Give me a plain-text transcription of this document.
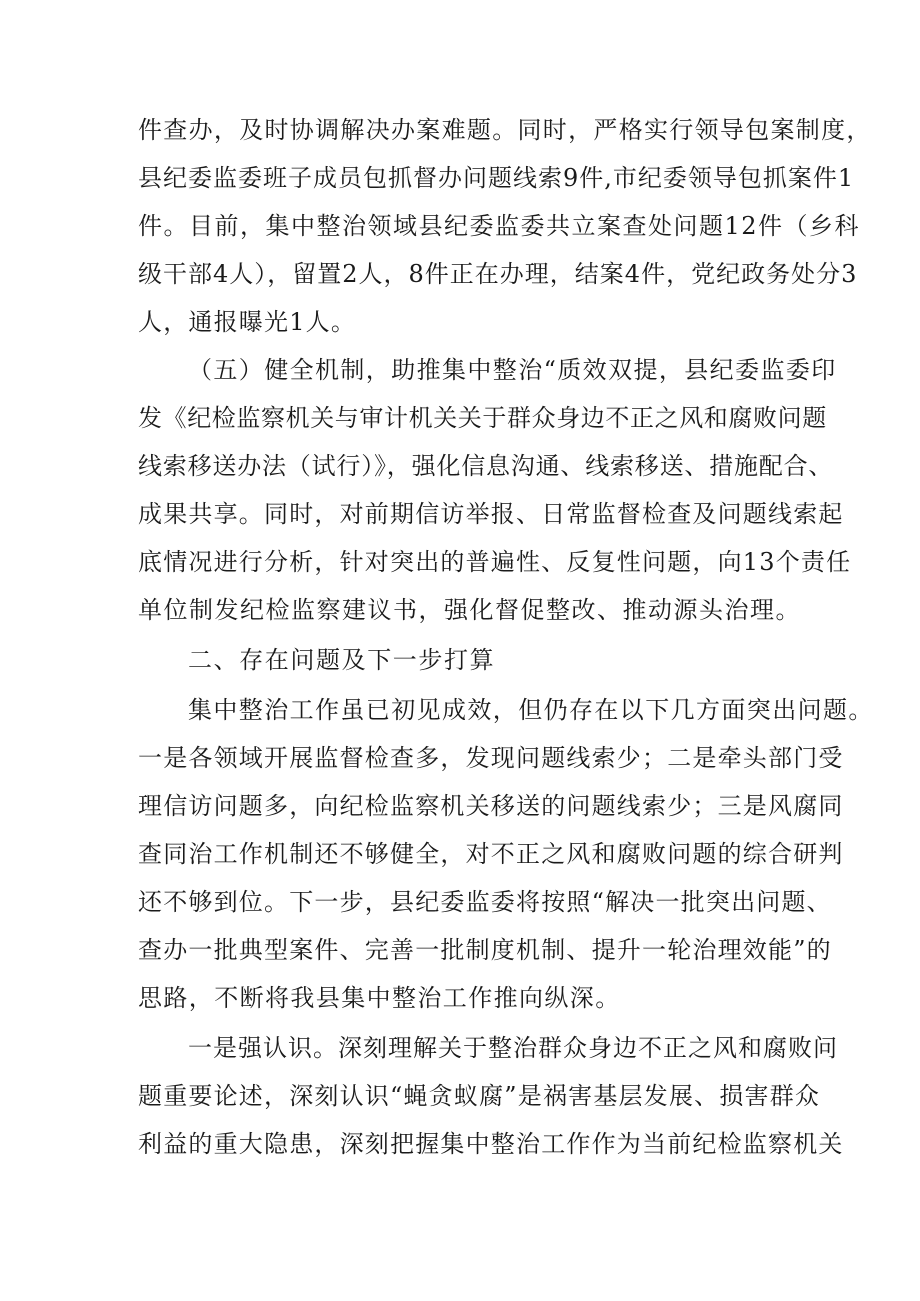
件查办，及时协调解决办案难题。同时，严格实行领导包案制度，
县纪委监委班子成员包抓督办问题线索9件,市纪委领导包抓案件1
件。目前，集中整治领域县纪委监委共立案查处问题12件（乡科
级干部4人），留置2人，8件正在办理，结案4件，党纪政务处分3
人，通报曝光1人。
（五）健全机制，助推集中整治“质效双提，县纪委监委印
发《纪检监察机关与审计机关关于群众身边不正之风和腐败问题
线索移送办法（试行）》，强化信息沟通、线索移送、措施配合、
成果共享。同时，对前期信访举报、日常监督检查及问题线索起
底情况进行分析，针对突出的普遍性、反复性问题，向13个责任
单位制发纪检监察建议书，强化督促整改、推动源头治理。
二、存在问题及下一步打算
集中整治工作虽已初见成效，但仍存在以下几方面突出问题。
一是各领域开展监督检查多，发现问题线索少；二是牵头部门受
理信访问题多，向纪检监察机关移送的问题线索少；三是风腐同
查同治工作机制还不够健全，对不正之风和腐败问题的综合研判
还不够到位。下一步，县纪委监委将按照“解决一批突出问题、
查办一批典型案件、完善一批制度机制、提升一轮治理效能”的
思路，不断将我县集中整治工作推向纵深。
一是强认识。深刻理解关于整治群众身边不正之风和腐败问
题重要论述，深刻认识“蝇贪蚁腐”是祸害基层发展、损害群众
利益的重大隐患，深刻把握集中整治工作作为当前纪检监察机关
